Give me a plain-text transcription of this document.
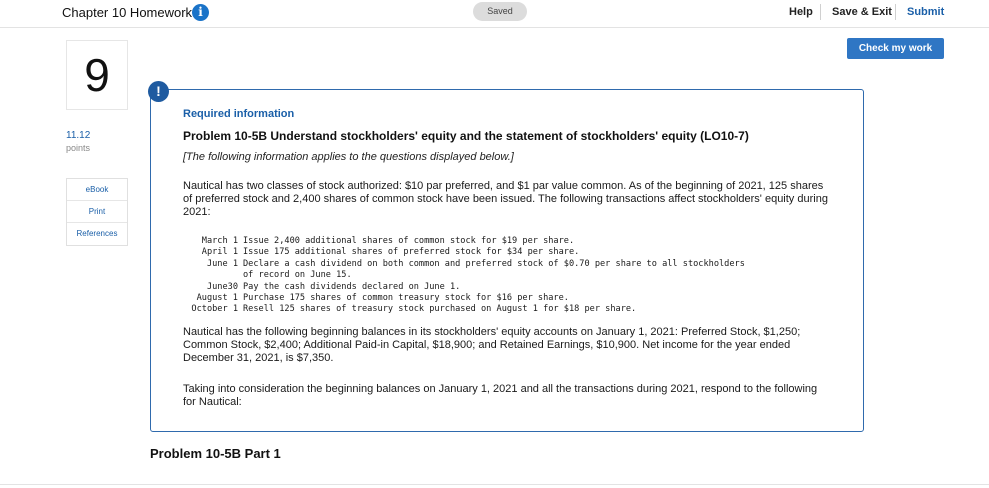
Chapter 10 Homework i	Saved	Help Save & Exit Submit
9
11.12
points
eBook
Print
References
Check my work
!
Required information
Problem 10-5B Understand stockholders' equity and the statement of stockholders' equity (LO10-7)
[The following information applies to the questions displayed below.]
Nautical has two classes of stock authorized: $10 par preferred, and $1 par value common. As of the beginning of 2021, 125 shares of preferred stock and 2,400 shares of common stock have been issued. The following transactions affect stockholders' equity during 2021:
March 1 Issue 2,400 additional shares of common stock for $19 per share.
April 1 Issue 175 additional shares of preferred stock for $34 per share.
June 1 Declare a cash dividend on both common and preferred stock of $0.70 per share to all stockholders
of record on June 15.
June30 Pay the cash dividends declared on June 1.
August 1 Purchase 175 shares of common treasury stock for $16 per share.
October 1 Resell 125 shares of treasury stock purchased on August 1 for $18 per share.
Nautical has the following beginning balances in its stockholders' equity accounts on January 1, 2021: Preferred Stock, $1,250; Common Stock, $2,400; Additional Paid-in Capital, $18,900; and Retained Earnings, $10,900. Net income for the year ended December 31, 2021, is $7,350.
Taking into consideration the beginning balances on January 1, 2021 and all the transactions during 2021, respond to the following for Nautical:
Problem 10-5B Part 1
